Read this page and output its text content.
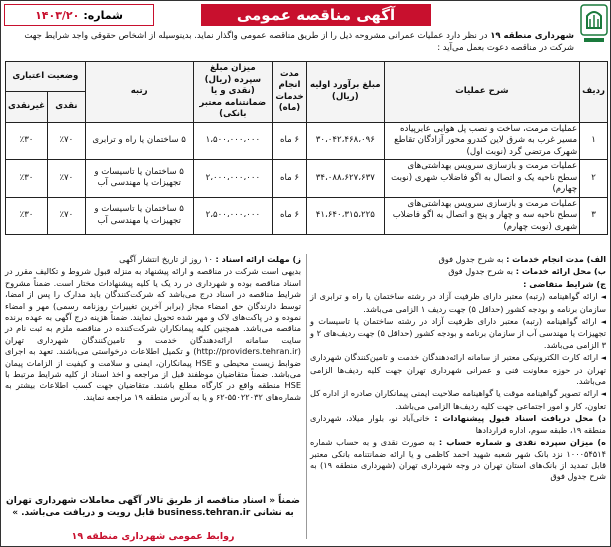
آگهی مناقصه عمومی
شماره:
۱۴۰۳/۲۰

شهرداری منطقه ۱۹ در نظر دارد عملیات عمرانی مشروحه ذیل را از طریق مناقصه عمومی واگذار نماید. بدینوسیله از اشخاص حقوقی واجد شرایط جهت شرکت در مناقصه دعوت بعمل می‌آید :

ردیف	شرح عملیات	مبلغ برآورد اولیه (ریال)	مدت انجام خدمات (ماه)	میزان مبلغ سپرده (ریال) (نقدی و یا ضمانتنامه معتبر بانکی)	رتبه	وضعیت اعتباری	
						نقدی	غیرنقدی
۱	عملیات مرمت، ساخت و نصب پل هوایی عابرپیاده مسیر غرب به شرق لاین کندرو محور آزادگان تقاطع شهرک مرتضی گرد (نوبت اول)	۳۰،۰۴۲،۴۶۸،۰۹۶	۶ ماه	۱،۵۰۰،۰۰۰،۰۰۰	۵ ساختمان یا راه و ترابری	٪۷۰	٪۳۰
۲	عملیات مرمت و بازسازی سرویس بهداشتی‌های سطح ناحیه یک و اتصال به اگو فاضلاب شهری (نوبت چهارم)	۳۴،۰۸۸،۶۲۷،۶۳۷	۶ ماه	۲،۰۰۰،۰۰۰،۰۰۰	۵ ساختمان یا تاسیسات و تجهیزات یا مهندسی آب	٪۷۰	٪۳۰
۳	عملیات مرمت و بازسازی سرویس بهداشتی‌های سطح ناحیه سه و چهار و پنج و اتصال به اگو فاضلاب شهری (نوبت چهارم)	۴۱،۶۴۰،۳۱۵،۲۲۵	۶ ماه	۲،۵۰۰،۰۰۰،۰۰۰	۵ ساختمان یا تاسیسات و تجهیزات یا مهندسی آب	٪۷۰	٪۳۰

الف) مدت انجام خدمات : به شرح جدول فوق

ب) محل ارائه خدمات : به شرح جدول فوق

ج) شرایط متقاضی :

◄ ارائه گواهینامه (رتبه) معتبر دارای ظرفیت آزاد در رشته ساختمان یا راه و ترابری از سازمان برنامه و بودجه کشور (حداقل ۵) جهت ردیف ۱ الزامی می‌باشد.

◄ ارائه گواهینامه (رتبه) معتبر دارای ظرفیت آزاد در رشته ساختمان یا تاسیسات و تجهیزات یا مهندسی آب از سازمان برنامه و بودجه کشور (حداقل ۵) جهت ردیف‌های ۲ و ۳ الزامی می‌باشد.

◄ ارائه کارت الکترونیکی معتبر از سامانه ارائه‌دهندگان خدمت و تامین‌کنندگان شهرداری تهران در حوزه معاونت فنی و عمرانی شهرداری تهران جهت کلیه ردیف‌ها الزامی می‌باشد.

◄ ارائه تصویر گواهینامه موقت یا گواهینامه صلاحیت ایمنی پیمانکاران صادره از اداره کل تعاون، کار و امور اجتماعی جهت کلیه ردیف‌ها الزامی می‌باشد.

د) محل دریافت اسناد قبول پیشنهادات : خانی‌آباد نو، بلوار میلاد، شهرداری منطقه ۱۹، طبقه سوم، اداره قراردادها

ه) میزان سپرده نقدی و شماره حساب : به صورت نقدی و به حساب شماره ۱۰۰۰۵۴۵۱۴ نزد بانک شهر شعبه شهید احمد کاظمی و یا ارائه ضمانتنامه بانکی معتبر قابل تمدید از بانک‌های استان تهران در وجه شهرداری تهران (شهرداری منطقه ۱۹) به شرح جدول فوق

ز) مهلت ارائه اسناد : ۱۰ روز از تاریخ انتشار آگهی

بدیهی است شرکت در مناقصه و ارائه پیشنهاد به منزله قبول شروط و تکالیف مقرر در اسناد مناقصه بوده و شهرداری در رد یک یا کلیه پیشنهادات مختار است. ضمناً مشروح شرایط مناقصه در اسناد درج می‌باشد که شرکت‌کنندگان باید مدارک را پس از امضا، توسط دارندگان حق امضاء مجاز (برابر آخرین تغییرات روزنامه رسمی) مهر و امضاء نموده و در پاکت‌های لاک و مهر شده تحویل نمایند. ضمناً هزینه درج آگهی به عهده برنده مناقصه می‌باشد. همچنین کلیه پیمانکاران شرکت‌کننده در مناقصه ملزم به ثبت نام در سایت سامانه ارائه‌دهندگان خدمت و تامین‌کنندگان شهرداری تهران (http://providers.tehran.ir) و تکمیل اطلاعات درخواستی می‌باشند. تعهد به اجرای ضوابط زیست محیطی و HSE پیمانکاران، ایمنی و سلامت و کیفیت از الزامات پیمان می‌باشد. ضمناً متقاضیان موظفند قبل از مراجعه و اخذ اسناد از کلیه شرایط مرتبط با HSE منطقه واقع در کارگاه مطلع باشند. متقاضیان جهت کسب اطلاعات بیشتر به شماره‌های ۵۵۰۲۲۰۳۲-۶۲ و یا به آدرس منطقه ۱۹ مراجعه نمایند.

ضمناً « اسناد مناقصه از طریق تالار آگهی معاملات شهرداری تهران
به نشانی business.tehran.ir قابل رویت و دریافت می‌باشد. »
روابط عمومی شهرداری منطقه ۱۹
